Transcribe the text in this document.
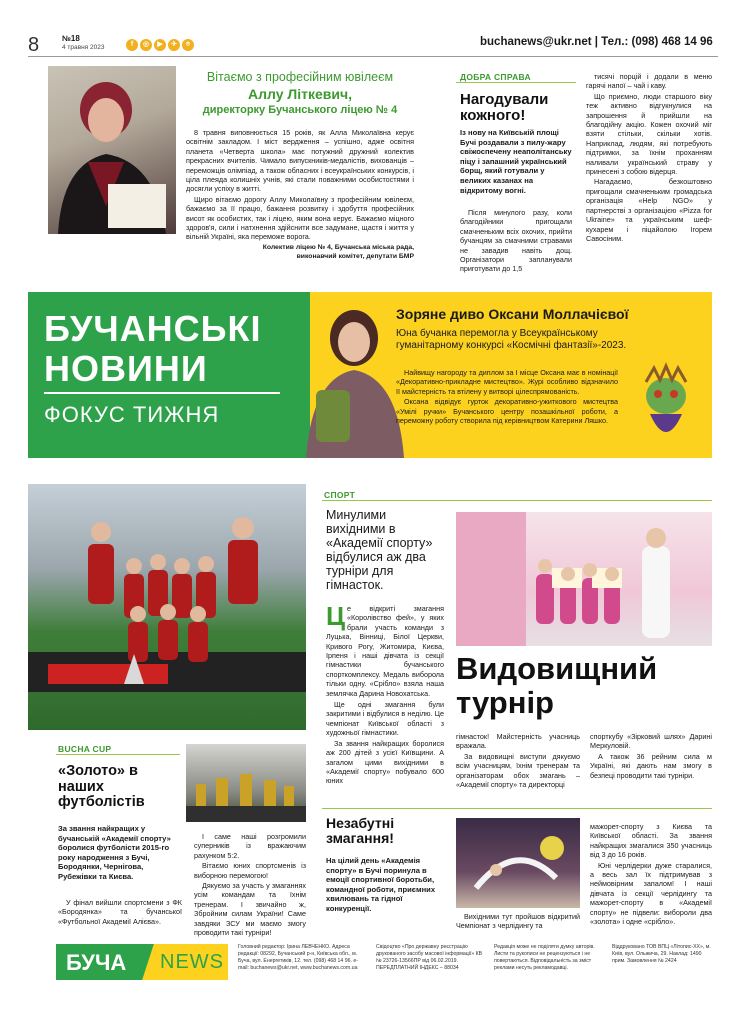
8	№18
4 травня 2023	f ◎ ▶ ✈ ⌾	buchanews@ukr.net | Тел.: (098) 468 14 96
Вітаємо з професійним ювілеєм
Аллу Літкевич,
директорку Бучанського ліцею № 4

8 травня виповнюється 15 років, як Алла Миколаївна керує освітнім закладом. І міст вердження – успішно, адже освітня планета «Четверта школа» має потужний дружний колектив прекрасних вчителів. Чимало випускників-медалістів, вихованців – переможців олімпіад, а також обласних і всеукраїнських конкурсів, і ціла плеяда колишніх учнів, які стали поважними особистостями і досягли успіху в житті.

Щиро вітаємо дорогу Аллу Миколаївну з професійним ювілеєм, бажаємо за її працю, бажання розвитку і здобуття професійних висот як особистих, так і ліцею, яким вона керує. Бажаємо міцного здоров'я, сили і натхнення здійснити все задумане, щастя і життя у вільній Україні, яка переможе ворога.

Колектив ліцею № 4, Бучанська міська рада,
виконавчий комітет, депутати БМР
ДОБРА СПРАВА
Нагодували кожного!
Із нову на Київській площі Бучі роздавали з пилу-жару свіжоспечену неаполітанську піцу і запашний український борщ, який готували у великих казанах на відкритому вогні.

Після минулого разу, коли благодійники пригощали смачненьким всіх охочих, прийти бучанцям за смачними стравами не завадив навіть дощ. Організатори запланували приготувати до 1,5

тисячі порцій і додали в меню гарячі напої – чай і каву.

Що приємно, люди старшого віку теж активно відгукнулися на запрошення й прийшли на благодійну акцію. Кожен охочий міг взяти стільки, скільки хотів. Наприклад, людям, які потребують підтримки, за їхнім проханням наливали український страву у принесені з собою відерця.

Нагадаємо, безкоштовно пригощали смачненьким громадська організація «Help NGO» у партнерстві з організацією «Pizza for Ukraine» та українським шеф-кухарем і піцайолою Ігорем Савосіним.

БУЧАНСЬКІ
НОВИНИ
ФОКУС ТИЖНЯ
Зоряне диво Оксани Моллачієвої
Юна бучанка перемогла у Всеукраїнському гуманітарному конкурсі «Космічні фантазії»-2023.

Найвищу нагороду та диплом за I місце Оксана має в номінації «Декоративно-прикладне мистецтво». Журі особливо відзначило її майстерність та втілену у витворі цілеспрямованість.

Оксана відвідує гурток декоративно-ужиткового мистецтва «Умілі ручки» Бучанського центру позашкільної роботи, а переможну роботу створила під керівництвом Катерини Ляшко.

BUCHA CUP
«Золото» в наших футболістів
За звання найкращих у бучанській «Академії спорту» боролися футболісти 2015-го року народження з Бучі, Бородянки, Чернігова, Рубежівки та Києва.

У фінал вийшли спортсмени з ФК «Бородянка» та бучанської «Футбольної Академії Алієва».

І саме наші розгромили суперників із вражаючим рахунком 5:2.

Вітаємо юних спортсменів із виборною перемогою!

Дякуємо за участь у змаганнях усім командам та їхнім тренерам. І звичайно ж, Збройним силам України! Саме завдяки ЗСУ ми маємо змогу проводити такі турніри!

СПОРТ
Минулими вихідними в «Академії спорту» відбулися аж два турніри для гімнасток.
Ц е відкриті змагання «Королівство фей», у яких брали участь команди з Луцька, Вінниці, Білої Церкви, Кривого Рогу, Житомира, Києва, Ірпеня і наші дівчата із секції гімнастики бучанського спорткомплексу. Медаль виборола тільки одну. «Срібло» взяла наша землячка Дарина Новохатська.

Ще одні змагання були закритими і відбулися в неділю. Це чемпіонат Київської області з художньої гімнастики.

За звання найкращих боролися аж 200 дітей з усієї Київщини. А загалом цими вихідними в «Академії спорту» побувало 600 юних

Видовищний
турнір

гімнасток! Майстерність учасниць вражала.

За видовищні виступи дякуємо всім учасницям, їхнім тренерам та організаторам обох змагань – «Академії спорту» та директорці

спорткубу «Зірковий шлях» Дарині Меркуловій.

А також 36 рейним сила м Україні, які дають нам змогу в безпеці проводити такі турніри.

Незабутні змагання!
На цілий день «Академія спорту» в Бучі поринула в емоції спортивної боротьби, командної роботи, приємних хвилювань та гідної конкуренції.

Вихідними тут пройшов відкритий Чемпіонат з черлідингу та

мажорет-спорту з Києва та Київської області. За звання найкращих змагалися 350 учасниць від 3 до 16 років.

Юні черлідерки дуже старалися, а весь зал їх підтримував з неймовірним запалом! І наші дівчата із секції черлідингу та мажорет-спорту в «Академії спорту» не підвели: вибороли два «золота» і одне «срібло».

БУЧА NEWS
Головний редактор: Ірина ЛЕВЧЕНКО. Адреса редакції: 08292, Бучанський р-н, Київська обл., м. Буча, вул. Енергетиків, 12. тел. (098) 468 14 96. e-mail: buchanews@ukr.net, www.buchanews.com.ua
Свідоцтво «Про державну реєстрацію друкованого засобу масової інформації» КВ № 23726-13566ПР від 06.02.2019. ПЕРЕДПЛАТНИЙ ІНДЕКС – 88034
Редакція може не поділяти думку авторів. Листи та рукописи не рецензуються і не повертаються. Відповідальність за зміст реклами несуть рекламодавці.
Віддруковано ТОВ ВПЦ «Літопис-XX», м. Київ, вул. Ольжича, 29. Наклад: 1490 прим. Замовлення № 2424
